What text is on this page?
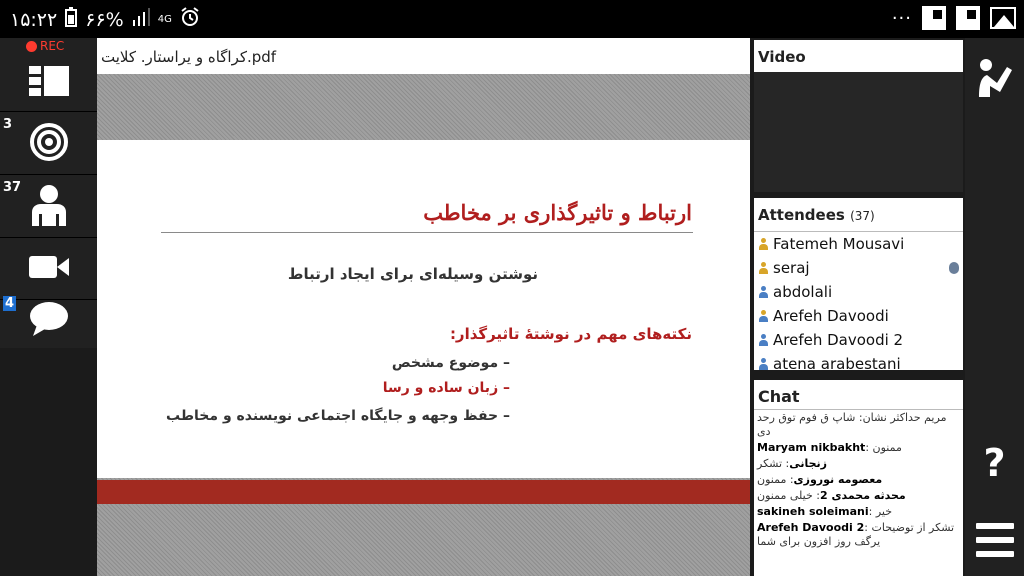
۱۵:۲۲ ۶۶%	4G	···
REC
3
37
4
کراگاه و یراستار. کلایت.pdf
ارتباط و تاثیرگذاری بر مخاطب
نوشتن وسیله‌ای برای ایجاد ارتباط
نکته‌های مهم در نوشتهٔ تاثیرگذار:
– موضوع مشخص
– زبان ساده و رسا
– حفظ وجهه و جایگاه اجتماعی نویسنده و مخاطب
Video
Attendees (37)
Fatemeh Mousavi
seraj
abdolali
Arefeh Davoodi
Arefeh Davoodi 2
atena arabestani
Chat
مریم حداکثر نشان: شاپ ق فوم توق رحد دی
Maryam nikbakht: ممنون
زنجانی: تشکر
معصومه نوروزی: ممنون
محدثه محمدی 2: خیلی ممنون
sakineh soleimani: خیر
Arefeh Davoodi 2: تشکر از توضیحات یرگف روز افزون برای شما
?
